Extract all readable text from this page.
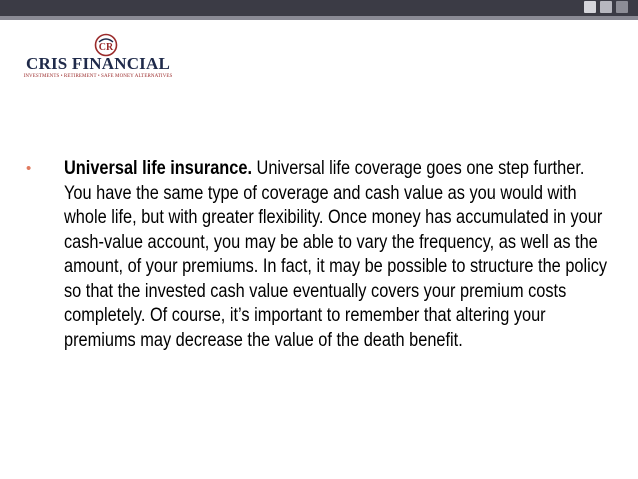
CR
CRIS FINANCIAL
INVESTMENTS • RETIREMENT • SAFE MONEY ALTERNATIVES
• Universal life insurance. Universal life coverage goes one step further. You have the same type of coverage and cash value as you would with whole life, but with greater flexibility. Once money has accumulated in your cash-value account, you may be able to vary the frequency, as well as the amount, of your premiums. In fact, it may be possible to structure the policy so that the invested cash value eventually covers your premium costs completely. Of course, it’s important to remember that altering your premiums may decrease the value of the death benefit.
